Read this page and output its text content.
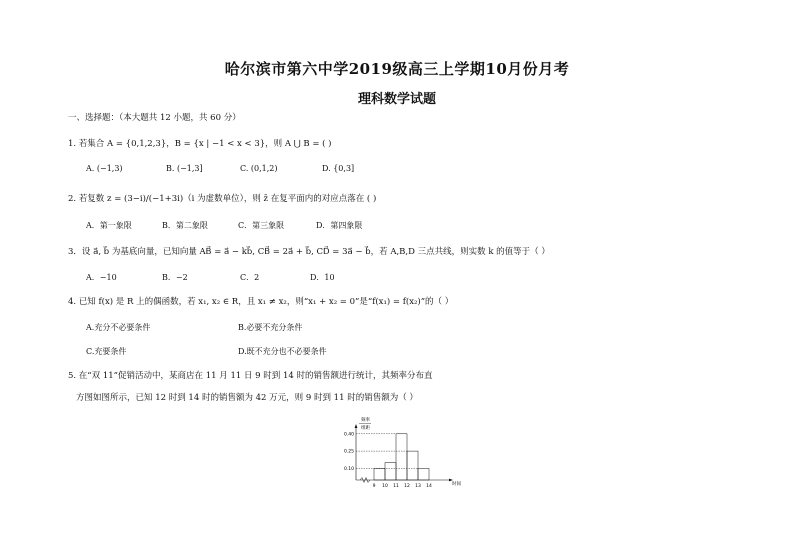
哈尔滨市第六中学2019级高三上学期10月份月考
理科数学试题
一、选择题：（本大题共 12 小题，共 60 分）
1. 若集合 A = {0,1,2,3}，B = {x | −1 < x < 3}，则 A ⋃ B = ( )
A. (−1,3)	B. (−1,3]	C. (0,1,2)	D. {0,3]
2. 若复数 z = (3−i)/(−1+3i)（i 为虚数单位），则 z̄ 在复平面内的对应点落在 ( )
A．第一象限	B．第二象限	C．第三象限	D．第四象限
3．设 a⃗, b⃗ 为基底向量，已知向量 AB⃗ = a⃗ − kb⃗, CB⃗ = 2a⃗ + b⃗, CD⃗ = 3a⃗ − b⃗，若 A,B,D 三点共线，则实数 k 的值等于（ ）
A．−10	B．−2	C．2	D．10
4. 已知 f(x) 是 R 上的偶函数，若 x₁, x₂ ∈ R，且 x₁ ≠ x₂，则“x₁ + x₂ = 0”是“f(x₁) = f(x₂)”的（ ）
A.充分不必要条件	B.必要不充分条件
C.充要条件	D.既不充分也不必要条件
5. 在“双 11”促销活动中，某商店在 11 月 11 日 9 时到 14 时的销售额进行统计，其频率分布直
方图如图所示，已知 12 时到 14 时的销售额为 42 万元，则 9 时到 11 时的销售额为（ ）
频率
组距
时间
0.10
0.25
0.40
9 10 11 12 13 14
